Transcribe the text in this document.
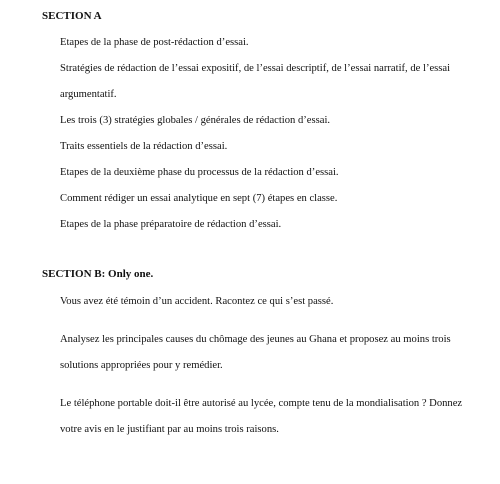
SECTION A
Etapes de la phase de post-rédaction d’essai.
Stratégies de rédaction de l’essai expositif, de l’essai descriptif, de l’essai narratif, de l’essai
argumentatif.
Les trois (3) stratégies globales / générales de rédaction d’essai.
Traits essentiels de la rédaction d’essai.
Etapes de la deuxième phase du processus de la rédaction d’essai.
Comment rédiger un essai analytique en sept (7) étapes en classe.
Etapes de la phase préparatoire de rédaction d’essai.
SECTION B: Only one.
Vous avez été témoin d’un accident. Racontez ce qui s’est passé.
Analysez les principales causes du chômage des jeunes au Ghana et proposez au moins trois
solutions appropriées pour y remédier.
Le téléphone portable doit-il être autorisé au lycée, compte tenu de la mondialisation ? Donnez
votre avis en le justifiant par au moins trois raisons.
